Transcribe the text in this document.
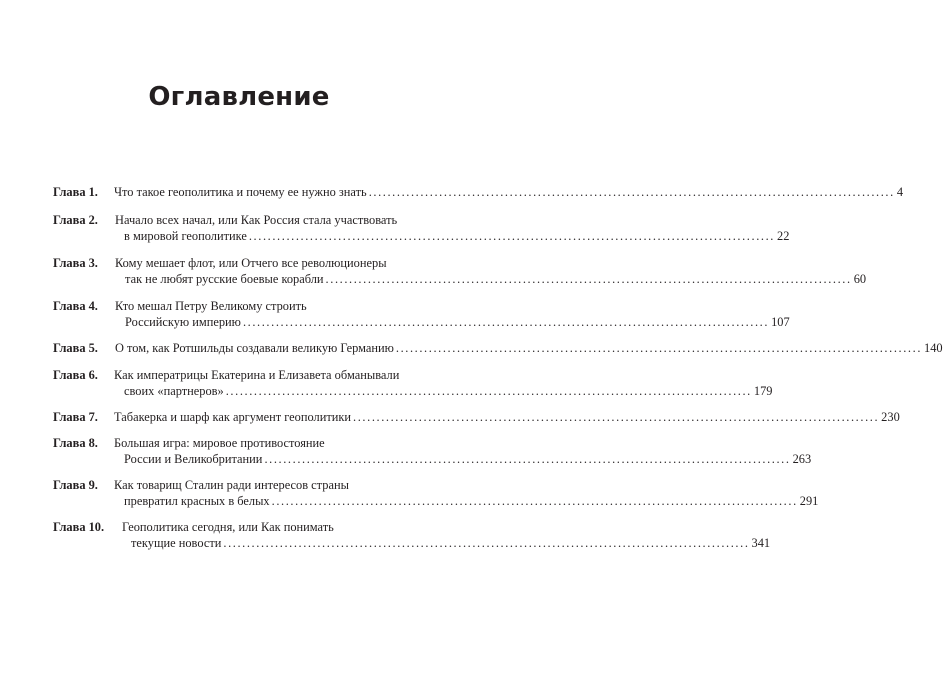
Оглавление
Глава 1. Что такое геополитика и почему ее нужно знать ................................................................................................................ 4
Глава 2. Начало всех начал, или Как Россия стала участвовать
в мировой геополитике ................................................................................................................ 22
Глава 3. Кому мешает флот, или Отчего все революционеры
так не любят русские боевые корабли ................................................................................................................ 60
Глава 4. Кто мешал Петру Великому строить
Российскую империю ................................................................................................................ 107
Глава 5. О том, как Ротшильды создавали великую Германию ................................................................................................................ 140
Глава 6. Как императрицы Екатерина и Елизавета обманывали
своих «партнеров» ................................................................................................................ 179
Глава 7. Табакерка и шарф как аргумент геополитики ................................................................................................................ 230
Глава 8. Большая игра: мировое противостояние
России и Великобритании ................................................................................................................ 263
Глава 9. Как товарищ Сталин ради интересов страны
превратил красных в белых ................................................................................................................ 291
Глава 10. Геополитика сегодня, или Как понимать
текущие новости ................................................................................................................ 341
